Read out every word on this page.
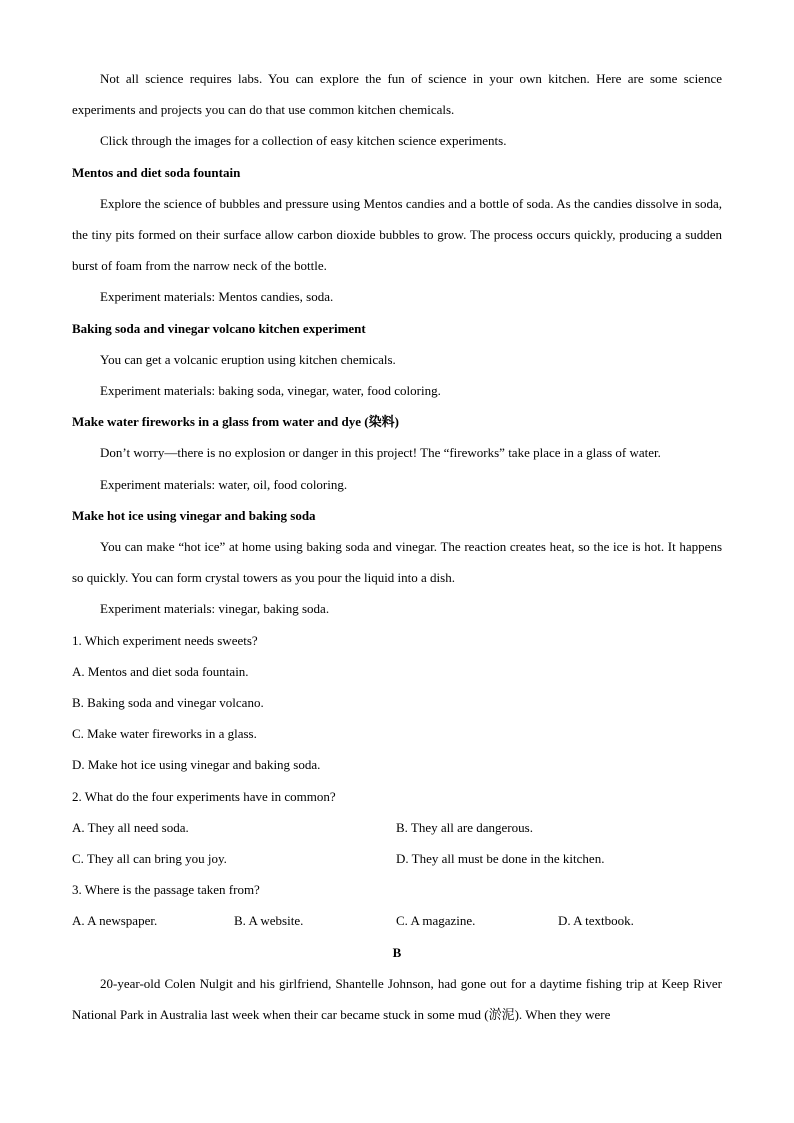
Not all science requires labs. You can explore the fun of science in your own kitchen. Here are some science experiments and projects you can do that use common kitchen chemicals.

Click through the images for a collection of easy kitchen science experiments.

Mentos and diet soda fountain

Explore the science of bubbles and pressure using Mentos candies and a bottle of soda. As the candies dissolve in soda, the tiny pits formed on their surface allow carbon dioxide bubbles to grow. The process occurs quickly, producing a sudden burst of foam from the narrow neck of the bottle.

Experiment materials: Mentos candies, soda.

Baking soda and vinegar volcano kitchen experiment

You can get a volcanic eruption using kitchen chemicals.

Experiment materials: baking soda, vinegar, water, food coloring.

Make water fireworks in a glass from water and dye (染料)

Don’t worry—there is no explosion or danger in this project! The “fireworks” take place in a glass of water.

Experiment materials: water, oil, food coloring.

Make hot ice using vinegar and baking soda

You can make “hot ice” at home using baking soda and vinegar. The reaction creates heat, so the ice is hot. It happens so quickly. You can form crystal towers as you pour the liquid into a dish.

Experiment materials: vinegar, baking soda.

1. Which experiment needs sweets?

A. Mentos and diet soda fountain.

B. Baking soda and vinegar volcano.

C. Make water fireworks in a glass.

D. Make hot ice using vinegar and baking soda.

2. What do the four experiments have in common?

A. They all need soda.	B. They all are dangerous.
C. They all can bring you joy.	D. They all must be done in the kitchen.

3. Where is the passage taken from?

A. A newspaper.	B. A website.	C. A magazine.	D. A textbook.

B

20-year-old Colen Nulgit and his girlfriend, Shantelle Johnson, had gone out for a daytime fishing trip at Keep River National Park in Australia last week when their car became stuck in some mud (淤泥). When they were
